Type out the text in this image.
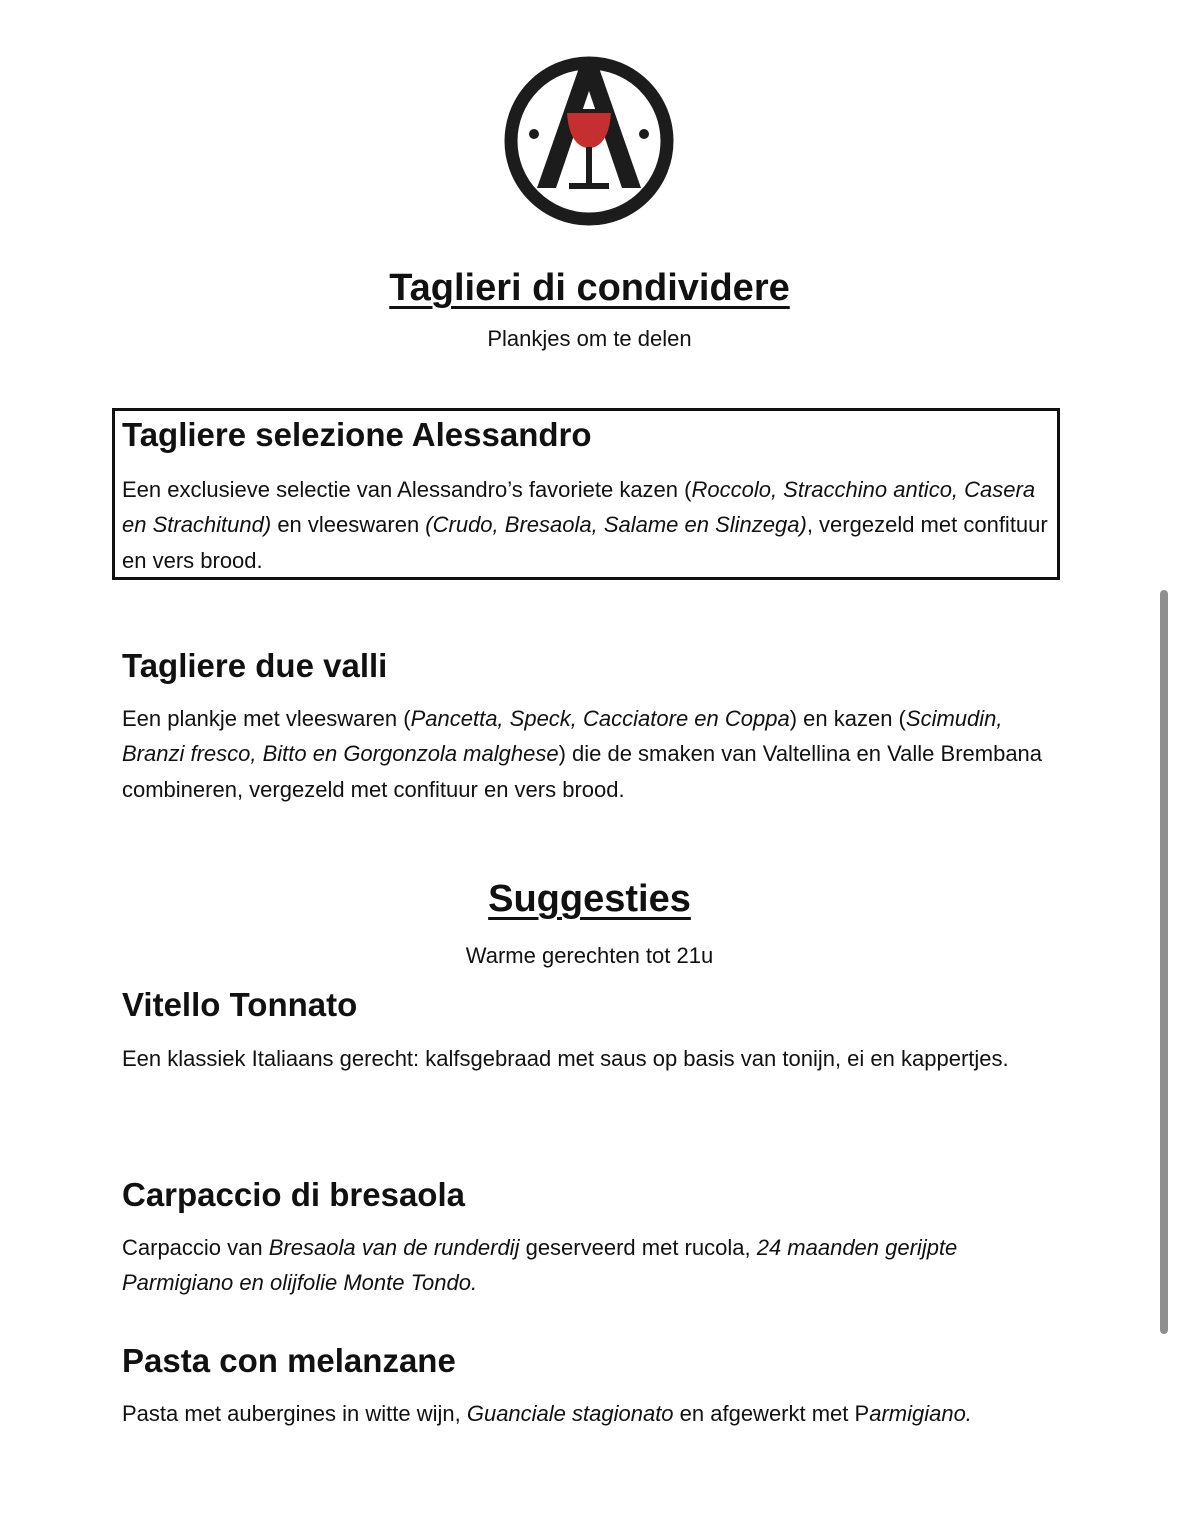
Taglieri di condividere

Plankjes om te delen

Tagliere selezione Alessandro

Een exclusieve selectie van Alessandro’s favoriete kazen (Roccolo, Stracchino antico, Casera en Strachitund) en vleeswaren (Crudo, Bresaola, Salame en Slinzega), vergezeld met confituur en vers brood.

Tagliere due valli

Een plankje met vleeswaren (Pancetta, Speck, Cacciatore en Coppa) en kazen (Scimudin, Branzi fresco, Bitto en Gorgonzola malghese) die de smaken van Valtellina en Valle Brembana combineren, vergezeld met confituur en vers brood.

Suggesties

Warme gerechten tot 21u

Vitello Tonnato

Een klassiek Italiaans gerecht: kalfsgebraad met saus op basis van tonijn, ei en kappertjes.

Carpaccio di bresaola

Carpaccio van Bresaola van de runderdij geserveerd met rucola, 24 maanden gerijpte Parmigiano en olijfolie Monte Tondo.

Pasta con melanzane

Pasta met aubergines in witte wijn, Guanciale stagionato en afgewerkt met Parmigiano.
